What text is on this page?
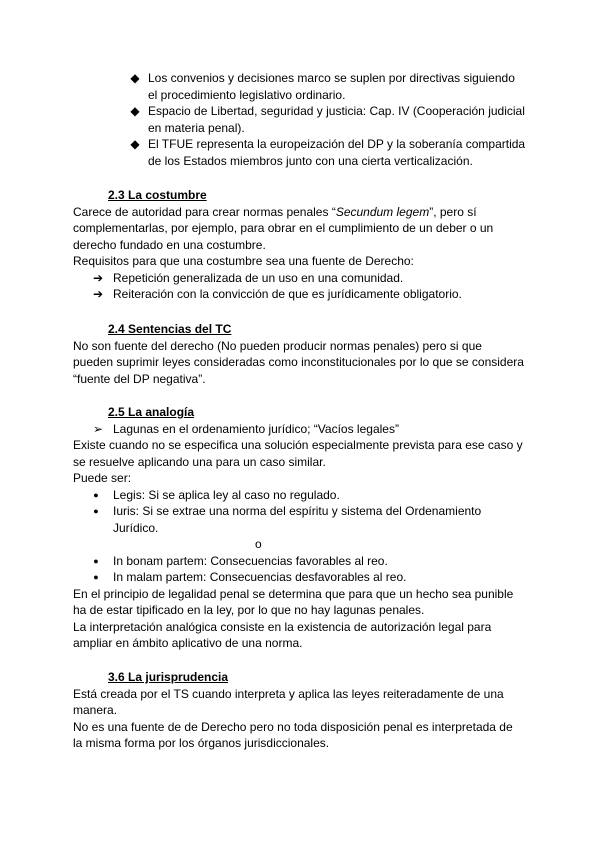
◆ Los convenios y decisiones marco se suplen por directivas siguiendo
el procedimiento legislativo ordinario.
◆ Espacio de Libertad, seguridad y justicia: Cap. IV (Cooperación judicial
en materia penal).
◆ El TFUE representa la europeización del DP y la soberanía compartida
de los Estados miembros junto con una cierta verticalización.
2.3 La costumbre
Carece de autoridad para crear normas penales “Secundum legem”, pero sí
complementarlas, por ejemplo, para obrar en el cumplimiento de un deber o un
derecho fundado en una costumbre.
Requisitos para que una costumbre sea una fuente de Derecho:
➔ Repetición generalizada de un uso en una comunidad.
➔ Reiteración con la convicción de que es jurídicamente obligatorio.
2.4 Sentencias del TC
No son fuente del derecho (No pueden producir normas penales) pero si que
pueden suprimir leyes consideradas como inconstitucionales por lo que se considera
“fuente del DP negativa”.
2.5 La analogía
➢ Lagunas en el ordenamiento jurídico; “Vacíos legales”
Existe cuando no se especifica una solución especialmente prevista para ese caso y
se resuelve aplicando una para un caso similar.
Puede ser:
●	Legis: Si se aplica ley al caso no regulado.
●	Iuris: Si se extrae una norma del espíritu y sistema del Ordenamiento
Jurídico.
o
●	In bonam partem: Consecuencias favorables al reo.
●	In malam partem: Consecuencias desfavorables al reo.
En el principio de legalidad penal se determina que para que un hecho sea punible
ha de estar tipificado en la ley, por lo que no hay lagunas penales.
La interpretación analógica consiste en la existencia de autorización legal para
ampliar en ámbito aplicativo de una norma.
3.6 La jurisprudencia
Está creada por el TS cuando interpreta y aplica las leyes reiteradamente de una
manera.
No es una fuente de de Derecho pero no toda disposición penal es interpretada de
la misma forma por los órganos jurisdiccionales.
